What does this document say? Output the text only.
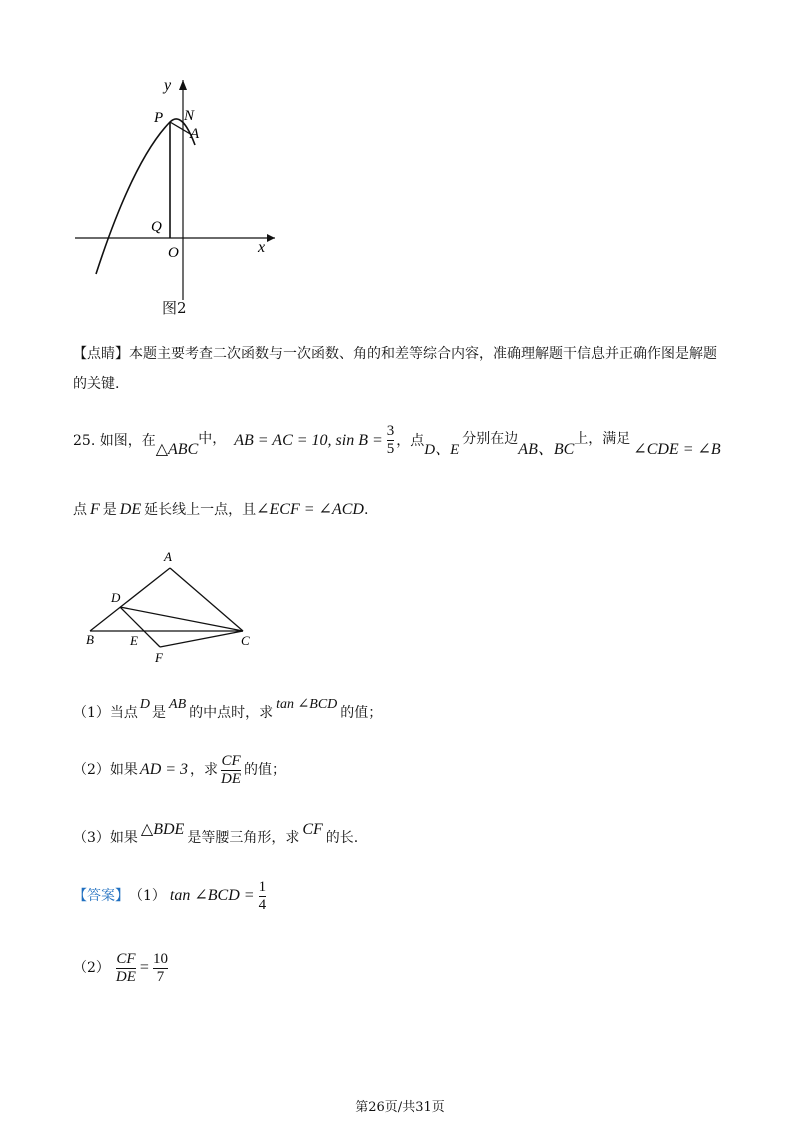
y
x
P N
A
Q
O
图2
【点睛】本题主要考查二次函数与一次函数、角的和差等综合内容，准确理解题干信息并正确作图是解题
的关键.
25. 如图，在 △ABC
中， AB = AC = 10, $\sin B = \frac{3}{5}$ ，点
D、E
分别在边
AB、BC
上，满足
∠CDE = ∠B
点 F 是 DE 延长线上一点，且 ∠ECF = ∠ACD .
A
D
B	E	C
F
（1）当点
D
是
AB
的中点时，求
tan ∠BCD
的值；
（2）如果 AD = 3 ，求 $\frac{CF}{DE}$ 的值；
（3）如果 △BDE 是等腰三角形，求 CF 的长.
【答案】 （1） tan ∠BCD = $\frac{1}{4}$
$(2) \frac{CF}{DE} = \frac{10}{7}$
第26页/共31页
